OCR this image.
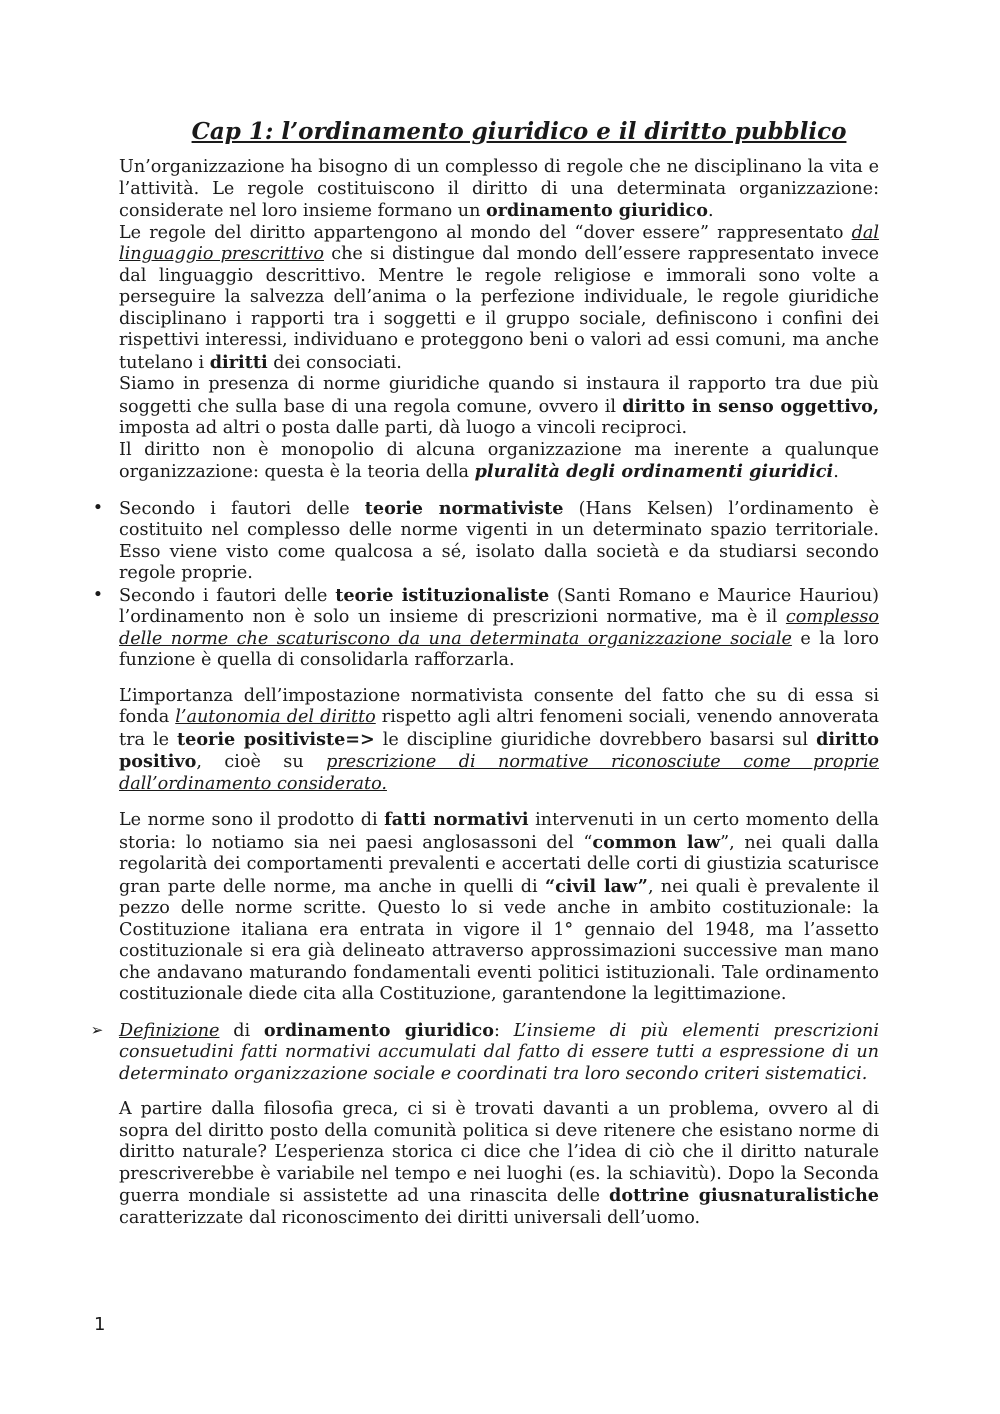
Cap 1: l’ordinamento giuridico e il diritto pubblico

Un’organizzazione ha bisogno di un complesso di regole che ne disciplinano la vita e l’attività. Le regole costituiscono il diritto di una determinata organizzazione: considerate nel loro insieme formano un ordinamento giuridico.

Le regole del diritto appartengono al mondo del “dover essere” rappresentato dal linguaggio prescrittivo che si distingue dal mondo dell’essere rappresentato invece dal linguaggio descrittivo. Mentre le regole religiose e immorali sono volte a perseguire la salvezza dell’anima o la perfezione individuale, le regole giuridiche disciplinano i rapporti tra i soggetti e il gruppo sociale, definiscono i confini dei rispettivi interessi, individuano e proteggono beni o valori ad essi comuni, ma anche tutelano i diritti dei consociati.

Siamo in presenza di norme giuridiche quando si instaura il rapporto tra due più soggetti che sulla base di una regola comune, ovvero il diritto in senso oggettivo, imposta ad altri o posta dalle parti, dà luogo a vincoli reciproci.

Il diritto non è monopolio di alcuna organizzazione ma inerente a qualunque organizzazione: questa è la teoria della pluralità degli ordinamenti giuridici.

• Secondo i fautori delle teorie normativiste (Hans Kelsen) l’ordinamento è costituito nel complesso delle norme vigenti in un determinato spazio territoriale. Esso viene visto come qualcosa a sé, isolato dalla società e da studiarsi secondo regole proprie.
• Secondo i fautori delle teorie istituzionaliste (Santi Romano e Maurice Hauriou) l’ordinamento non è solo un insieme di prescrizioni normative, ma è il complesso delle norme che scaturiscono da una determinata organizzazione sociale e la loro funzione è quella di consolidarla rafforzarla.

L’importanza dell’impostazione normativista consente del fatto che su di essa si fonda l’autonomia del diritto rispetto agli altri fenomeni sociali, venendo annoverata tra le teorie positiviste=> le discipline giuridiche dovrebbero basarsi sul diritto positivo, cioè su prescrizione di normative riconosciute come proprie dall’ordinamento considerato.

Le norme sono il prodotto di fatti normativi intervenuti in un certo momento della storia: lo notiamo sia nei paesi anglosassoni del “common law”, nei quali dalla regolarità dei comportamenti prevalenti e accertati delle corti di giustizia scaturisce gran parte delle norme, ma anche in quelli di “civil law”, nei quali è prevalente il pezzo delle norme scritte. Questo lo si vede anche in ambito costituzionale: la Costituzione italiana era entrata in vigore il 1° gennaio del 1948, ma l’assetto costituzionale si era già delineato attraverso approssimazioni successive man mano che andavano maturando fondamentali eventi politici istituzionali. Tale ordinamento costituzionale diede cita alla Costituzione, garantendone la legittimazione.

➢ Definizione di ordinamento giuridico: L’insieme di più elementi prescrizioni consuetudini fatti normativi accumulati dal fatto di essere tutti a espressione di un determinato organizzazione sociale e coordinati tra loro secondo criteri sistematici.

A partire dalla filosofia greca, ci si è trovati davanti a un problema, ovvero al di sopra del diritto posto della comunità politica si deve ritenere che esistano norme di diritto naturale? L’esperienza storica ci dice che l’idea di ciò che il diritto naturale prescriverebbe è variabile nel tempo e nei luoghi (es. la schiavitù). Dopo la Seconda guerra mondiale si assistette ad una rinascita delle dottrine giusnaturalistiche caratterizzate dal riconoscimento dei diritti universali dell’uomo.

1
